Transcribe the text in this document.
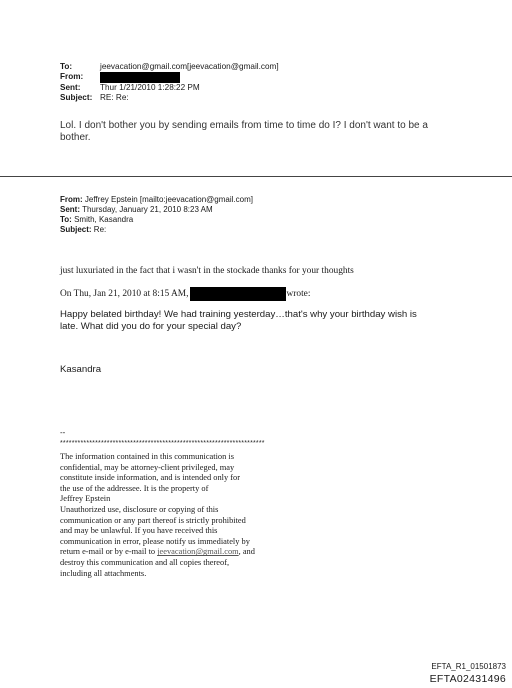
To:	jeevacation@gmail.com[jeevacation@gmail.com]
From:
Sent:	Thur 1/21/2010 1:28:22 PM
Subject: RE: Re:
Lol. I don't bother you by sending emails from time to time do I? I don't want to be a
bother.
From: Jeffrey Epstein [mailto:jeevacation@gmail.com]
Sent: Thursday, January 21, 2010 8:23 AM
To: Smith, Kasandra
Subject: Re:
just luxuriated in the fact that i wasn't in the stockade thanks for your thoughts
On Thu, Jan 21, 2010 at 8:15 AM,	wrote:
Happy belated birthday! We had training yesterday…that's why your birthday wish is
late. What did you do for your special day?
Kasandra
--
**********************************************************************
The information contained in this communication is
confidential, may be attorney-client privileged, may
constitute inside information, and is intended only for
the use of the addressee. It is the property of
Jeffrey Epstein
Unauthorized use, disclosure or copying of this
communication or any part thereof is strictly prohibited
and may be unlawful. If you have received this
communication in error, please notify us immediately by
return e-mail or by e-mail to jeevacation@gmail.com, and
destroy this communication and all copies thereof,
including all attachments.
EFTA_R1_01501873
EFTA02431496
